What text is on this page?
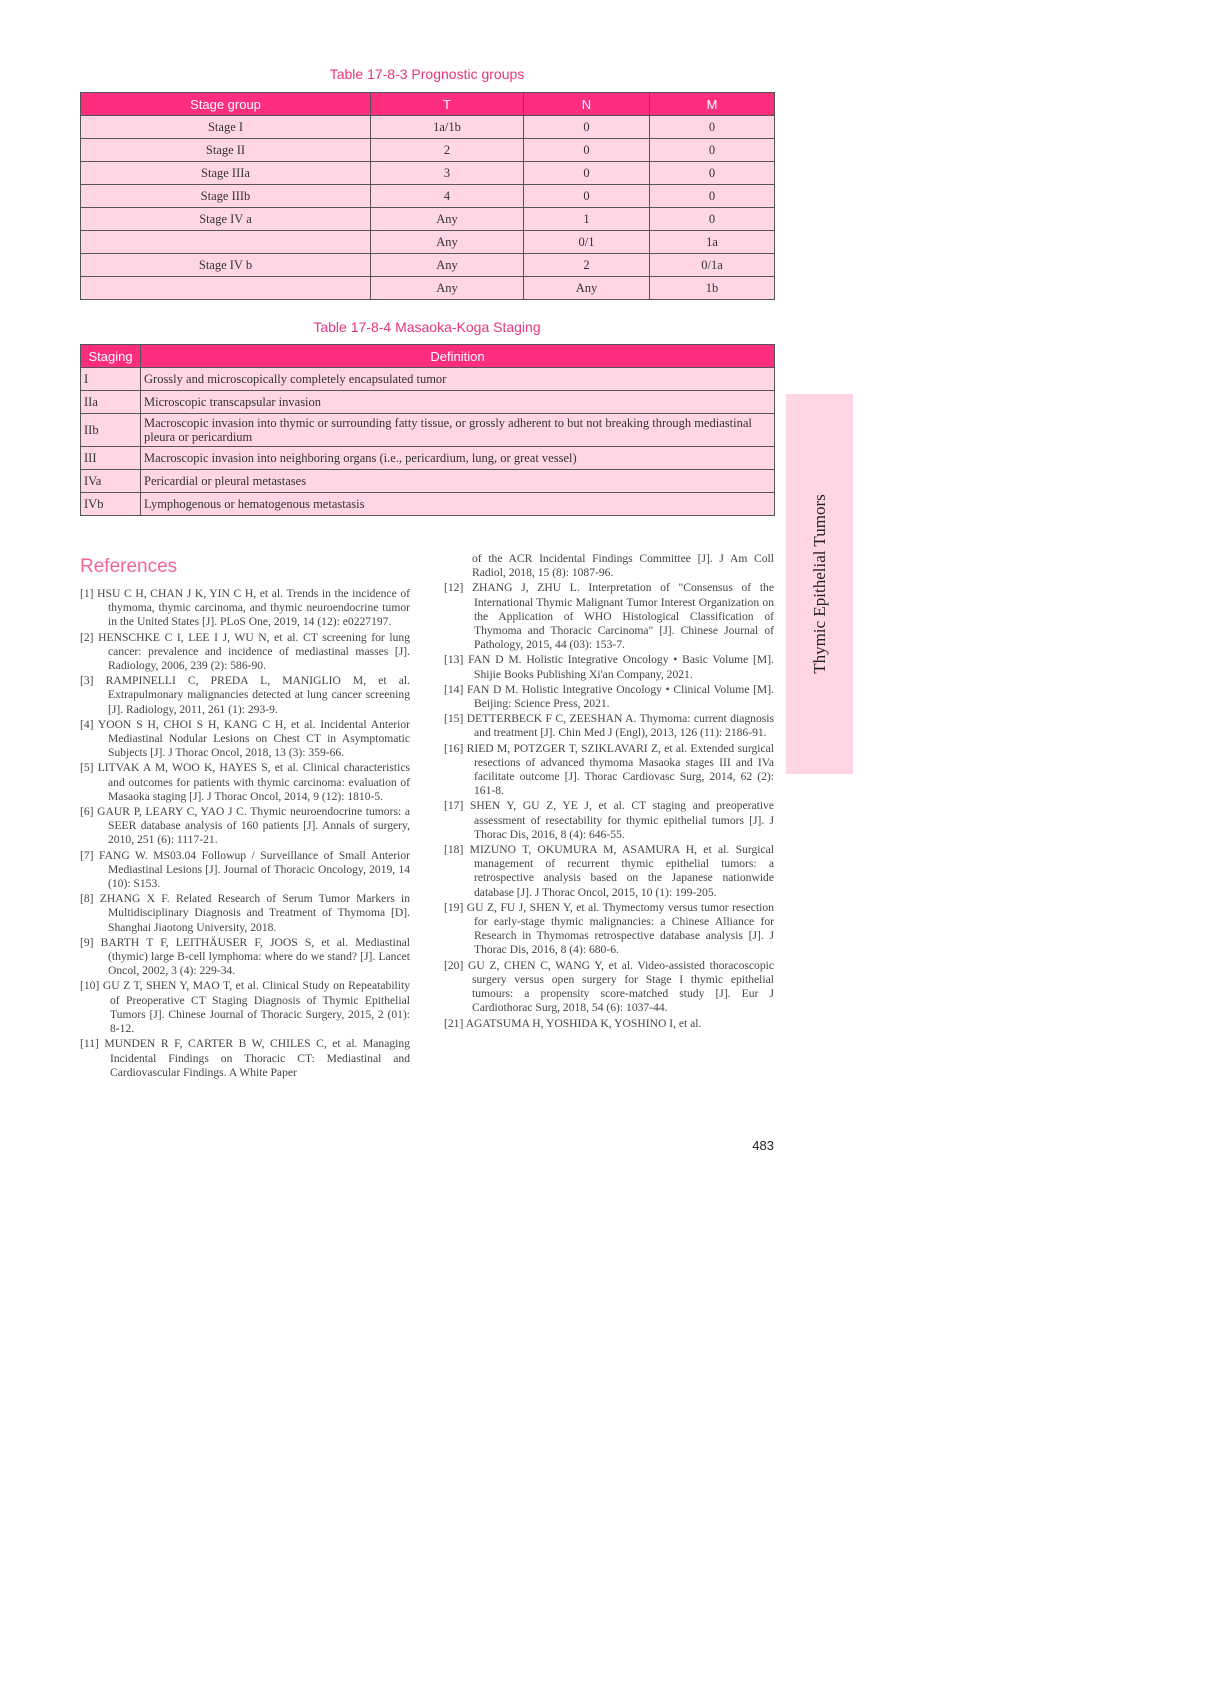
Table 17-8-3 Prognostic groups
Stage group	T	N	M
Stage I	1a/1b	0	0
Stage II	2	0	0
Stage IIIa	3	0	0
Stage IIIb	4	0	0
Stage IV a	Any	1	0
	Any	0/1	1a
Stage IV b	Any	2	0/1a
	Any	Any	1b
Table 17-8-4 Masaoka-Koga Staging
Staging	Definition
I	Grossly and microscopically completely encapsulated tumor
IIa	Microscopic transcapsular invasion
IIb	Macroscopic invasion into thymic or surrounding fatty tissue, or grossly adherent to but not breaking through mediastinal pleura or pericardium
III	Macroscopic invasion into neighboring organs (i.e., pericardium, lung, or great vessel)
IVa	Pericardial or pleural metastases
IVb	Lymphogenous or hematogenous metastasis	Thymic Epithelial Tumors
References

[1] HSU C H, CHAN J K, YIN C H, et al. Trends in the incidence of thymoma, thymic carcinoma, and thymic neuroendocrine tumor in the United States [J]. PLoS One, 2019, 14 (12): e0227197.

[2] HENSCHKE C I, LEE I J, WU N, et al. CT screening for lung cancer: prevalence and incidence of mediastinal masses [J]. Radiology, 2006, 239 (2): 586-90.

[3] RAMPINELLI C, PREDA L, MANIGLIO M, et al. Extrapulmonary malignancies detected at lung cancer screening [J]. Radiology, 2011, 261 (1): 293-9.

[4] YOON S H, CHOI S H, KANG C H, et al. Incidental Anterior Mediastinal Nodular Lesions on Chest CT in Asymptomatic Subjects [J]. J Thorac Oncol, 2018, 13 (3): 359-66.

[5] LITVAK A M, WOO K, HAYES S, et al. Clinical characteristics and outcomes for patients with thymic carcinoma: evaluation of Masaoka staging [J]. J Thorac Oncol, 2014, 9 (12): 1810-5.

[6] GAUR P, LEARY C, YAO J C. Thymic neuroendocrine tumors: a SEER database analysis of 160 patients [J]. Annals of surgery, 2010, 251 (6): 1117-21.

[7] FANG W. MS03.04 Followup / Surveillance of Small Anterior Mediastinal Lesions [J]. Journal of Thoracic Oncology, 2019, 14 (10): S153.

[8] ZHANG X F. Related Research of Serum Tumor Markers in Multidisciplinary Diagnosis and Treatment of Thymoma [D]. Shanghai Jiaotong University, 2018.

[9] BARTH T F, LEITHÄUSER F, JOOS S, et al. Mediastinal (thymic) large B-cell lymphoma: where do we stand? [J]. Lancet Oncol, 2002, 3 (4): 229-34.

[10] GU Z T, SHEN Y, MAO T, et al. Clinical Study on Repeatability of Preoperative CT Staging Diagnosis of Thymic Epithelial Tumors [J]. Chinese Journal of Thoracic Surgery, 2015, 2 (01): 8-12.

[11] MUNDEN R F, CARTER B W, CHILES C, et al. Managing Incidental Findings on Thoracic CT: Mediastinal and Cardiovascular Findings. A White Paper

of the ACR Incidental Findings Committee [J]. J Am Coll Radiol, 2018, 15 (8): 1087-96.

[12] ZHANG J, ZHU L. Interpretation of "Consensus of the International Thymic Malignant Tumor Interest Organization on the Application of WHO Histological Classification of Thymoma and Thoracic Carcinoma" [J]. Chinese Journal of Pathology, 2015, 44 (03): 153-7.

[13] FAN D M. Holistic Integrative Oncology • Basic Volume [M]. Shijie Books Publishing Xi'an Company, 2021.

[14] FAN D M. Holistic Integrative Oncology • Clinical Volume [M]. Beijing: Science Press, 2021.

[15] DETTERBECK F C, ZEESHAN A. Thymoma: current diagnosis and treatment [J]. Chin Med J (Engl), 2013, 126 (11): 2186-91.

[16] RIED M, POTZGER T, SZIKLAVARI Z, et al. Extended surgical resections of advanced thymoma Masaoka stages III and IVa facilitate outcome [J]. Thorac Cardiovasc Surg, 2014, 62 (2): 161-8.

[17] SHEN Y, GU Z, YE J, et al. CT staging and preoperative assessment of resectability for thymic epithelial tumors [J]. J Thorac Dis, 2016, 8 (4): 646-55.

[18] MIZUNO T, OKUMURA M, ASAMURA H, et al. Surgical management of recurrent thymic epithelial tumors: a retrospective analysis based on the Japanese nationwide database [J]. J Thorac Oncol, 2015, 10 (1): 199-205.

[19] GU Z, FU J, SHEN Y, et al. Thymectomy versus tumor resection for early-stage thymic malignancies: a Chinese Alliance for Research in Thymomas retrospective database analysis [J]. J Thorac Dis, 2016, 8 (4): 680-6.

[20] GU Z, CHEN C, WANG Y, et al. Video-assisted thoracoscopic surgery versus open surgery for Stage I thymic epithelial tumours: a propensity score-matched study [J]. Eur J Cardiothorac Surg, 2018, 54 (6): 1037-44.

[21] AGATSUMA H, YOSHIDA K, YOSHINO I, et al.

483
